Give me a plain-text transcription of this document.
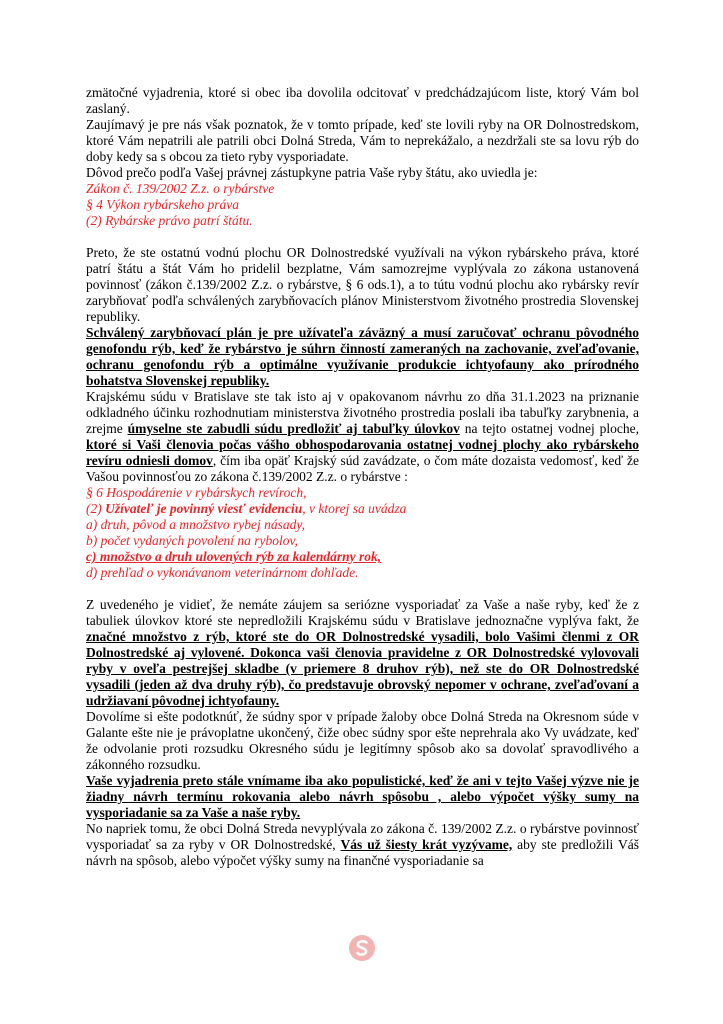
zmätočné vyjadrenia, ktoré si obec iba dovolila odcitovať v predchádzajúcom liste, ktorý Vám bol zaslaný.

Zaujímavý je pre nás však poznatok, že v tomto prípade, keď ste lovili ryby na OR Dolnostredskom, ktoré Vám nepatrili ale patrili obci Dolná Streda, Vám to neprekážalo, a nezdržali ste sa lovu rýb do doby kedy sa s obcou za tieto ryby vysporiadate.

Dôvod prečo podľa Vašej právnej zástupkyne patria Vaše ryby štátu, ako uviedla je:

Zákon č. 139/2002 Z.z. o rybárstve

§ 4 Výkon rybárskeho práva

(2) Rybárske právo patrí štátu.

Preto, že ste ostatnú vodnú plochu OR Dolnostredské využívali na výkon rybárskeho práva, ktoré patrí štátu a štát Vám ho pridelil bezplatne, Vám samozrejme vyplývala zo zákona ustanovená povinnosť (zákon č.139/2002 Z.z. o rybárstve, § 6 ods.1), a to tútu vodnú plochu ako rybársky revír zarybňovať podľa schválených zarybňovacích plánov Ministerstvom životného prostredia Slovenskej republiky.

Schválený zarybňovací plán je pre užívateľa záväzný a musí zaručovať ochranu pôvodného genofondu rýb, keď že rybárstvo je súhrn činností zameraných na zachovanie, zveľaďovanie, ochranu genofondu rýb a optimálne využívanie produkcie ichtyofauny ako prírodného bohatstva Slovenskej republiky.

Krajskému súdu v Bratislave ste tak isto aj v opakovanom návrhu zo dňa 31.1.2023 na priznanie odkladného účinku rozhodnutiam ministerstva životného prostredia poslali iba tabuľky zarybnenia, a zrejme úmyselne ste zabudli súdu predložiť aj tabuľky úlovkov na tejto ostatnej vodnej ploche, ktoré si Vaši členovia počas vášho obhospodarovania ostatnej vodnej plochy ako rybárskeho revíru odniesli domov, čím iba opäť Krajský súd zavádzate, o čom máte dozaista vedomosť, keď že Vašou povinnosťou zo zákona č.139/2002 Z.z. o rybárstve :

§ 6 Hospodárenie v rybárskych revíroch,

(2) Užívateľ je povinný viesť evidenciu, v ktorej sa uvádza

a) druh, pôvod a množstvo rybej násady,

b) počet vydaných povolení na rybolov,

c) množstvo a druh ulovených rýb za kalendárny rok,

d) prehľad o vykonávanom veterinárnom dohľade.

Z uvedeného je vidieť, že nemáte záujem sa seriózne vysporiadať za Vaše a naše ryby, keď že z tabuliek úlovkov ktoré ste nepredložili Krajskému súdu v Bratislave jednoznačne vyplýva fakt, že značné množstvo z rýb, ktoré ste do OR Dolnostredské vysadili, bolo Vašimi členmi z OR Dolnostredské aj vylovené. Dokonca vaši členovia pravidelne z OR Dolnostredské vylovovali ryby v oveľa pestrejšej skladbe (v priemere 8 druhov rýb), než ste do OR Dolnostredské vysadili (jeden až dva druhy rýb), čo predstavuje obrovský nepomer v ochrane, zveľaďovaní a udržiavaní pôvodnej ichtyofauny.

Dovolíme si ešte podotknúť, že súdny spor v prípade žaloby obce Dolná Streda na Okresnom súde v Galante ešte nie je právoplatne ukončený, čiže obec súdny spor ešte neprehrala ako Vy uvádzate, keď že odvolanie proti rozsudku Okresného súdu je legitímny spôsob ako sa dovolať spravodlivého a zákonného rozsudku.

Vaše vyjadrenia preto stále vnímame iba ako populistické, keď že ani v tejto Vašej výzve nie je žiadny návrh termínu rokovania alebo návrh spôsobu , alebo výpočet výšky sumy na vysporiadanie sa za Vaše a naše ryby.

No napriek tomu, že obci Dolná Streda nevyplývala zo zákona č. 139/2002 Z.z. o rybárstve povinnosť vysporiadať sa za ryby v OR Dolnostredské, Vás už šiesty krát vyzývame, aby ste predložili Váš návrh na spôsob, alebo výpočet výšky sumy na finančné vysporiadanie sa
